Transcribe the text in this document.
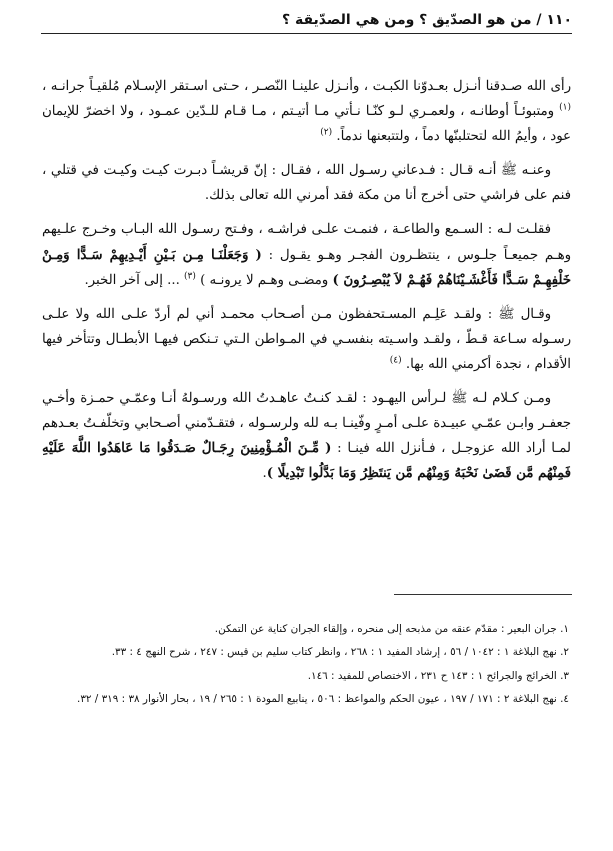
١١٠ / من هو الصدّيق ؟ ومن هي الصدّيقة ؟

رأى الله صـدقنا أنـزل بعـدوّنا الكبـت ، وأنـزل علينـا النّصـر ، حـتى اسـتقر الإسـلام مُلقيـاً جرانـه ، $^{(١)}$ ومتبوئـاً أوطانـه ، ولعمـري لـو كنّـا نـأتي مـا أتيـتم ، مـا قـام للـدّين عمـود ، ولا اخضرّ للإيمان عود ، وأيمُ الله لتحتلبنّها دماً ، ولتتبعنها ندماً. $^{(٢)}$

وعنـه ﷺ أنـه قـال : فـدعاني رسـول الله ، فقـال : إنّ قريشـاً دبـرت كيـت وكيـت في قتلي ، فنم على فراشي حتى أخرج أنا من مكة فقد أمرني الله تعالى بذلك.

فقلـت لـه : السـمع والطاعـة ، فنمـت علـى فراشـه ، وفـتح رسـول الله البـاب وخـرج علـيهم وهـم جميعـاً جلـوس ، ينتظـرون الفجـر وهـو يقـول : ( وَجَعَلْنَـا مِـن بَـيْنِ أَيْـدِيهِمْ سَـدًّا وَمِـنْ خَلْفِهِـمْ سَـدًّا فَأَغْشَـيْنَاهُمْ فَهُـمْ لاَ يُبْصِـرُونَ ) ومضـى وهـم لا يرونـه ) $^{(٣)}$ ... إلى آخر الخبر.

وقـال ﷺ : ولقـد عَلِـم المسـتحفظون مـن أصـحاب محمـد أني لم أردّ علـى الله ولا علـى رسـوله سـاعة قـطّ ، ولقـد واسـيته بنفسـي في المـواطن الـتي تـنكص فيهـا الأبطـال وتتأخر فيها الأقدام ، نجدة أكرمني الله بها. $^{(٤)}$

ومـن كـلام لـه ﷺ لـرأس اليهـود : لقـد كنـتُ عاهـدتُ الله ورسـولهُ أنـا وعمّـي حمـزة وأخـي جعفـر وابـن عمّـي عبيـدة علـى أمـرٍ وفّينـا بـه لله ولرسـوله ، فتقـدّمني أصـحابي وتخلّفـتُ بعـدهم لمـا أراد الله عزوجـل ، فـأنزل الله فينـا : ( مِّـنَ الْمُـؤْمِنِينَ رِجَـالٌ صَـدَقُوا مَا عَاهَدُوا اللَّهَ عَلَيْهِ فَمِنْهُم مَّن قَضَىٰ نَحْبَهُ وَمِنْهُم مَّن يَنتَظِرُ وَمَا بَدَّلُوا تَبْدِيلًا ).

١. جران البعير : مقدّم عنقه من مذبحه إلى منحره ، وإلقاء الجران كناية عن التمكن.

٢. نهج البلاغة ١ : ١٠٤٢ / ٥٦ ، إرشاد المفيد ١ : ٢٦٨ ، وانظر كتاب سليم بن قيس : ٢٤٧ ، شرح النهج ٤ : ٣٣.

٣. الخرائج والجرائح ١ : ١٤٣ ح ٢٣١ ، الاختصاص للمفيد : ١٤٦.

٤. نهج البلاغة ٢ : ١٧١ / ١٩٧ ، عيون الحكم والمواعظ : ٥٠٦ ، ينابيع المودة ١ : ٢٦٥ / ١٩ ، بحار الأنوار ٣٨ : ٣١٩ / ٣٢.
